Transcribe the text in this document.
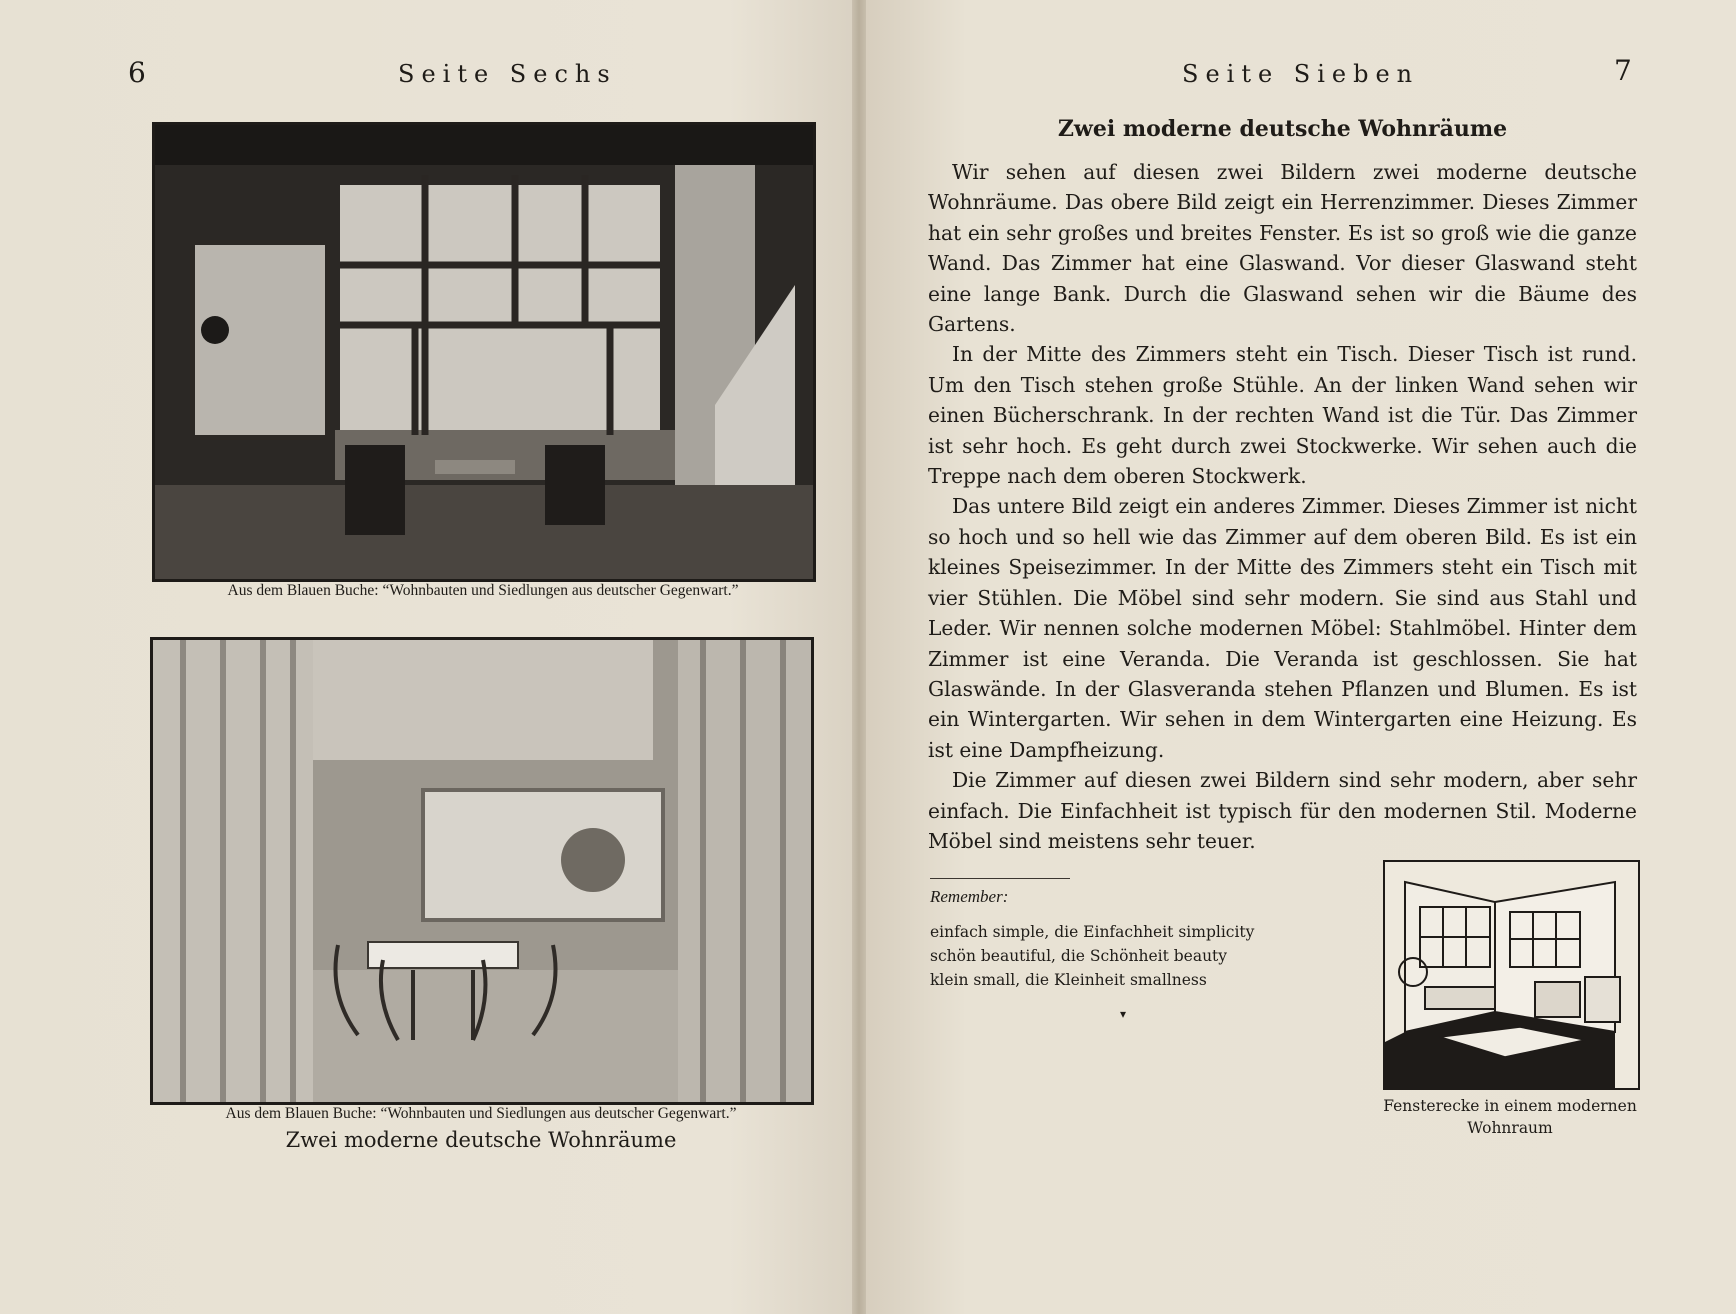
6	Seite Sechs
Aus dem Blauen Buche: “Wohnbauten und Siedlungen aus deutscher Gegenwart.”
Aus dem Blauen Buche: “Wohnbauten und Siedlungen aus deutscher Gegenwart.”
Zwei moderne deutsche Wohnräume
Seite Sieben	7
Zwei moderne deutsche Wohnräume

Wir sehen auf diesen zwei Bildern zwei moderne deutsche Wohnräume. Das obere Bild zeigt ein Herrenzimmer. Dieses Zimmer hat ein sehr großes und breites Fenster. Es ist so groß wie die ganze Wand. Das Zimmer hat eine Glaswand. Vor dieser Glaswand steht eine lange Bank. Durch die Glaswand sehen wir die Bäume des Gartens.

In der Mitte des Zimmers steht ein Tisch. Dieser Tisch ist rund. Um den Tisch stehen große Stühle. An der linken Wand sehen wir einen Bücherschrank. In der rechten Wand ist die Tür. Das Zimmer ist sehr hoch. Es geht durch zwei Stockwerke. Wir sehen auch die Treppe nach dem oberen Stockwerk.

Das untere Bild zeigt ein anderes Zimmer. Dieses Zimmer ist nicht so hoch und so hell wie das Zimmer auf dem oberen Bild. Es ist ein kleines Speisezimmer. In der Mitte des Zimmers steht ein Tisch mit vier Stühlen. Die Möbel sind sehr modern. Sie sind aus Stahl und Leder. Wir nennen solche modernen Möbel: Stahlmöbel. Hinter dem Zimmer ist eine Veranda. Die Veranda ist geschlossen. Sie hat Glaswände. In der Glasveranda stehen Pflanzen und Blumen. Es ist ein Wintergarten. Wir sehen in dem Wintergarten eine Heizung. Es ist eine Dampfheizung.

Die Zimmer auf diesen zwei Bildern sind sehr modern, aber sehr einfach. Die Einfachheit ist typisch für den modernen Stil. Moderne Möbel sind meistens sehr teuer.

Remember:
einfach simple, die Einfachheit simplicity
schön beautiful, die Schönheit beauty
klein small, die Kleinheit smallness
▾
Fensterecke in einem modernen
Wohnraum
